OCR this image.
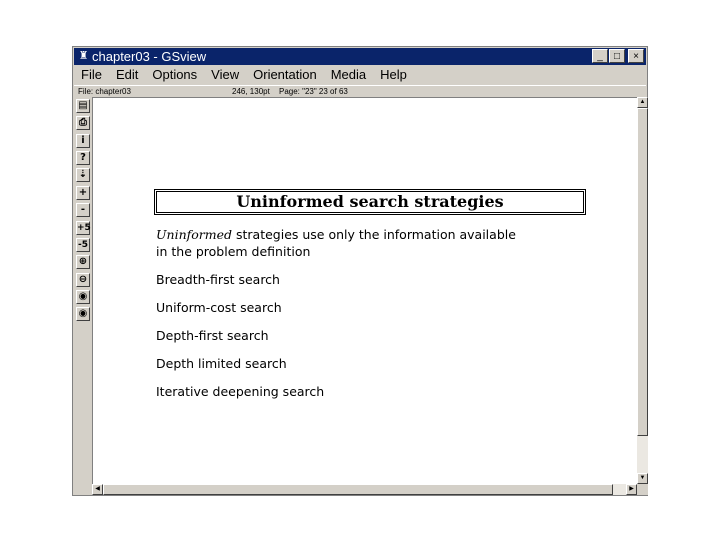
♜ chapter03 - GSview	_	□	×
File	Edit	Options	View	Orientation	Media	Help
File: chapter03	246, 130pt Page: "23" 23 of 63
▤
⎙
i
?
⇣
+
-
+5
-5
⊕
⊖
◉
◉
Uninformed search strategies
Uninformed strategies use only the information available
in the problem definition
Breadth-first search
Uniform-cost search
Depth-first search
Depth limited search
Iterative deepening search
▲
▼
◀	▶
